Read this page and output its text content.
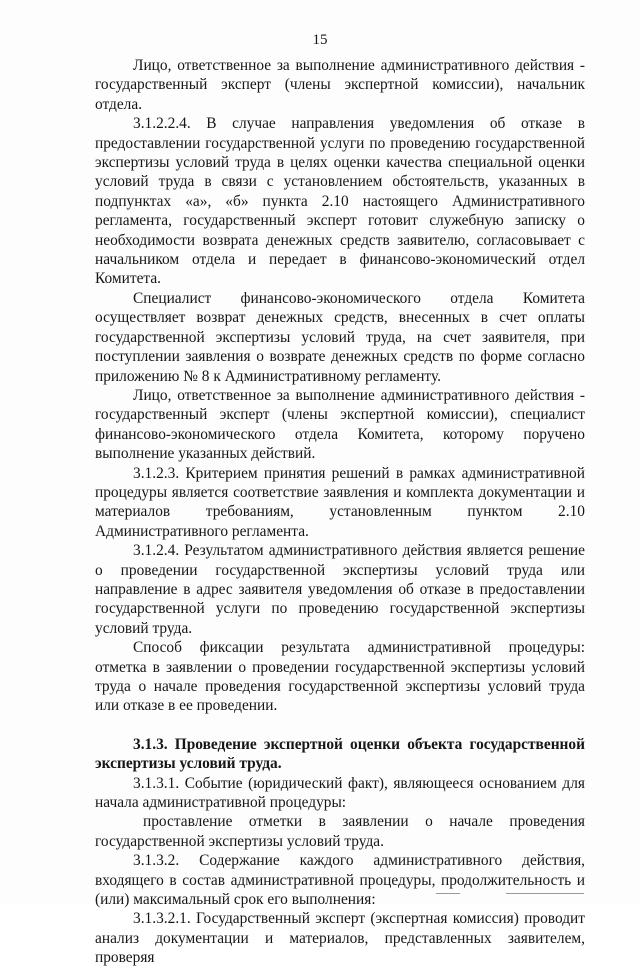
15

Лицо, ответственное за выполнение административного действия - государственный эксперт (члены экспертной комиссии), начальник отдела.

3.1.2.2.4. В случае направления уведомления об отказе в предоставлении государственной услуги по проведению государственной экспертизы условий труда в целях оценки качества специальной оценки условий труда в связи с установлением обстоятельств, указанных в подпунктах «а», «б» пункта 2.10 настоящего Административного регламента, государственный эксперт готовит служебную записку о необходимости возврата денежных средств заявителю, согласовывает с начальником отдела и передает в финансово-экономический отдел Комитета.

Специалист финансово-экономического отдела Комитета осуществляет возврат денежных средств, внесенных в счет оплаты государственной экспертизы условий труда, на счет заявителя, при поступлении заявления о возврате денежных средств по форме согласно приложению № 8 к Административному регламенту.

Лицо, ответственное за выполнение административного действия - государственный эксперт (члены экспертной комиссии), специалист финансово-экономического отдела Комитета, которому поручено выполнение указанных действий.

3.1.2.3. Критерием принятия решений в рамках административной процедуры является соответствие заявления и комплекта документации и материалов требованиям, установленным пунктом 2.10 Административного регламента.

3.1.2.4. Результатом административного действия является решение о проведении государственной экспертизы условий труда или направление в адрес заявителя уведомления об отказе в предоставлении государственной услуги по проведению государственной экспертизы условий труда.

Способ фиксации результата административной процедуры: отметка в заявлении о проведении государственной экспертизы условий труда о начале проведения государственной экспертизы условий труда или отказе в ее проведении.

3.1.3. Проведение экспертной оценки объекта государственной экспертизы условий труда.

3.1.3.1. Событие (юридический факт), являющееся основанием для начала административной процедуры:

проставление отметки в заявлении о начале проведения государственной экспертизы условий труда.

3.1.3.2. Содержание каждого административного действия, входящего в состав административной процедуры, продолжительность и (или) максимальный срок его выполнения:

3.1.3.2.1. Государственный эксперт (экспертная комиссия) проводит анализ документации и материалов, представленных заявителем, проверяя
